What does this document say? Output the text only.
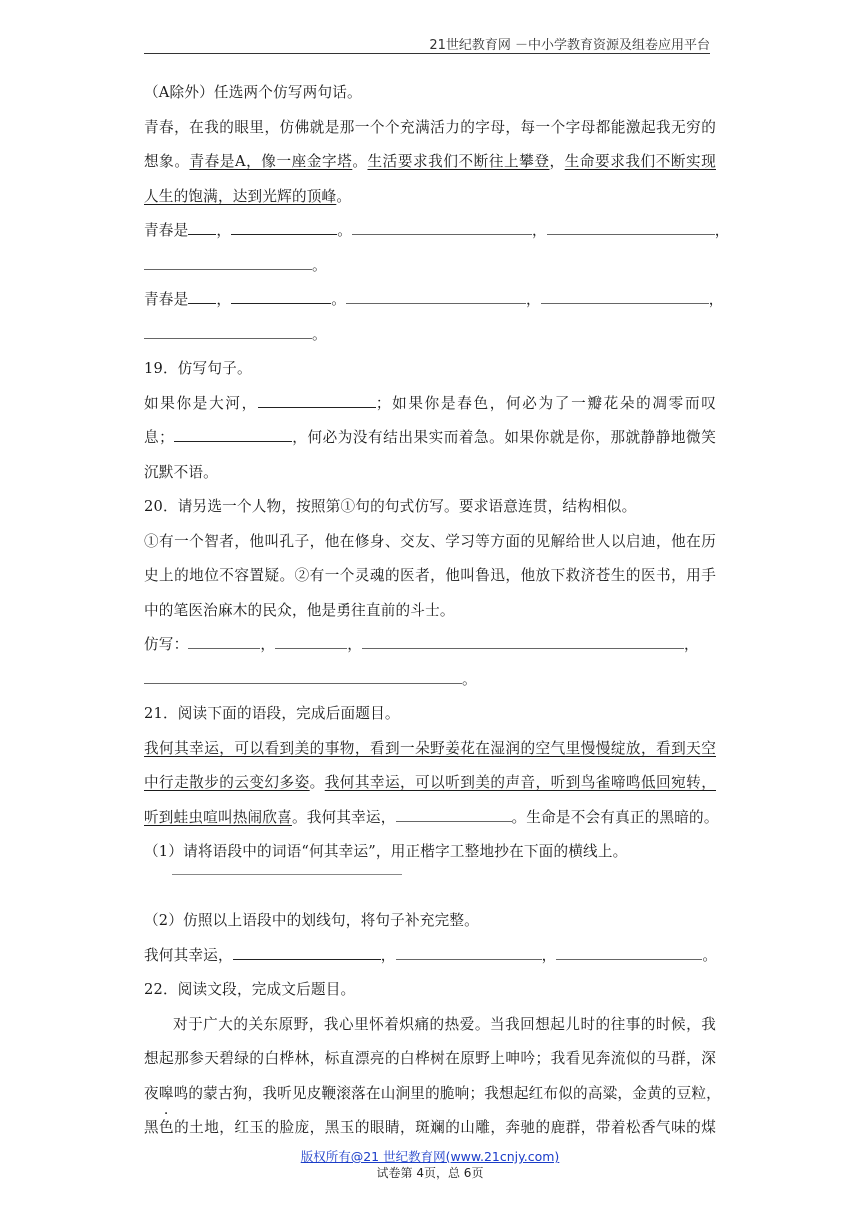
21世纪教育网 －中小学教育资源及组卷应用平台
（A除外）任选两个仿写两句话。
青春，在我的眼里，仿佛就是那一个个充满活力的字母，每一个字母都能激起我无穷的
想象。青春是A，像一座金字塔。生活要求我们不断往上攀登，生命要求我们不断实现
人生的饱满，达到光辉的顶峰。
青春是 ，	。	，	，
。
青春是 ，	。	，	，
。
19．仿写句子。
如果你是大河，	；如果你是春色，何必为了一瓣花朵的凋零而叹
息；	，何必为没有结出果实而着急。如果你就是你，那就静静地微笑
沉默不语。
20．请另选一个人物，按照第①句的句式仿写。要求语意连贯，结构相似。
①有一个智者，他叫孔子，他在修身、交友、学习等方面的见解给世人以启迪，他在历
史上的地位不容置疑。②有一个灵魂的医者，他叫鲁迅，他放下救济苍生的医书，用手
中的笔医治麻木的民众，他是勇往直前的斗士。
仿写：	，	，	，
。
21．阅读下面的语段，完成后面题目。
我何其幸运，可以看到美的事物，看到一朵野姜花在湿润的空气里慢慢绽放，看到天空
中行走散步的云变幻多姿。我何其幸运，可以听到美的声音，听到鸟雀啼鸣低回宛转，
听到蛙虫喧叫热闹欣喜。我何其幸运，	。生命是不会有真正的黑暗的。
（1）请将语段中的词语“何其幸运”，用正楷字工整地抄在下面的横线上。
（2）仿照以上语段中的划线句，将句子补充完整。
我何其幸运，	，	，	。
22．阅读文段，完成文后题目。
对于广大的关东原野，我心里怀着炽痛的热爱。当我回想起儿时的往事的时候，我
想起那参天碧绿的白桦林，标直漂亮的白桦树在原野上呻吟；我看见奔流似的马群，深
夜嗥鸣的蒙古狗，我听见皮鞭滚落在山涧里的脆响；我想起红布似的高粱，金黄的豆粒，
黑色的土地，红玉的脸庞，黑玉的眼睛，斑斓的山雕，奔驰的鹿群，带着松香气味的煤
版权所有@21 世纪教育网(www.21cnjy.com)
试卷第 4页，总 6页
